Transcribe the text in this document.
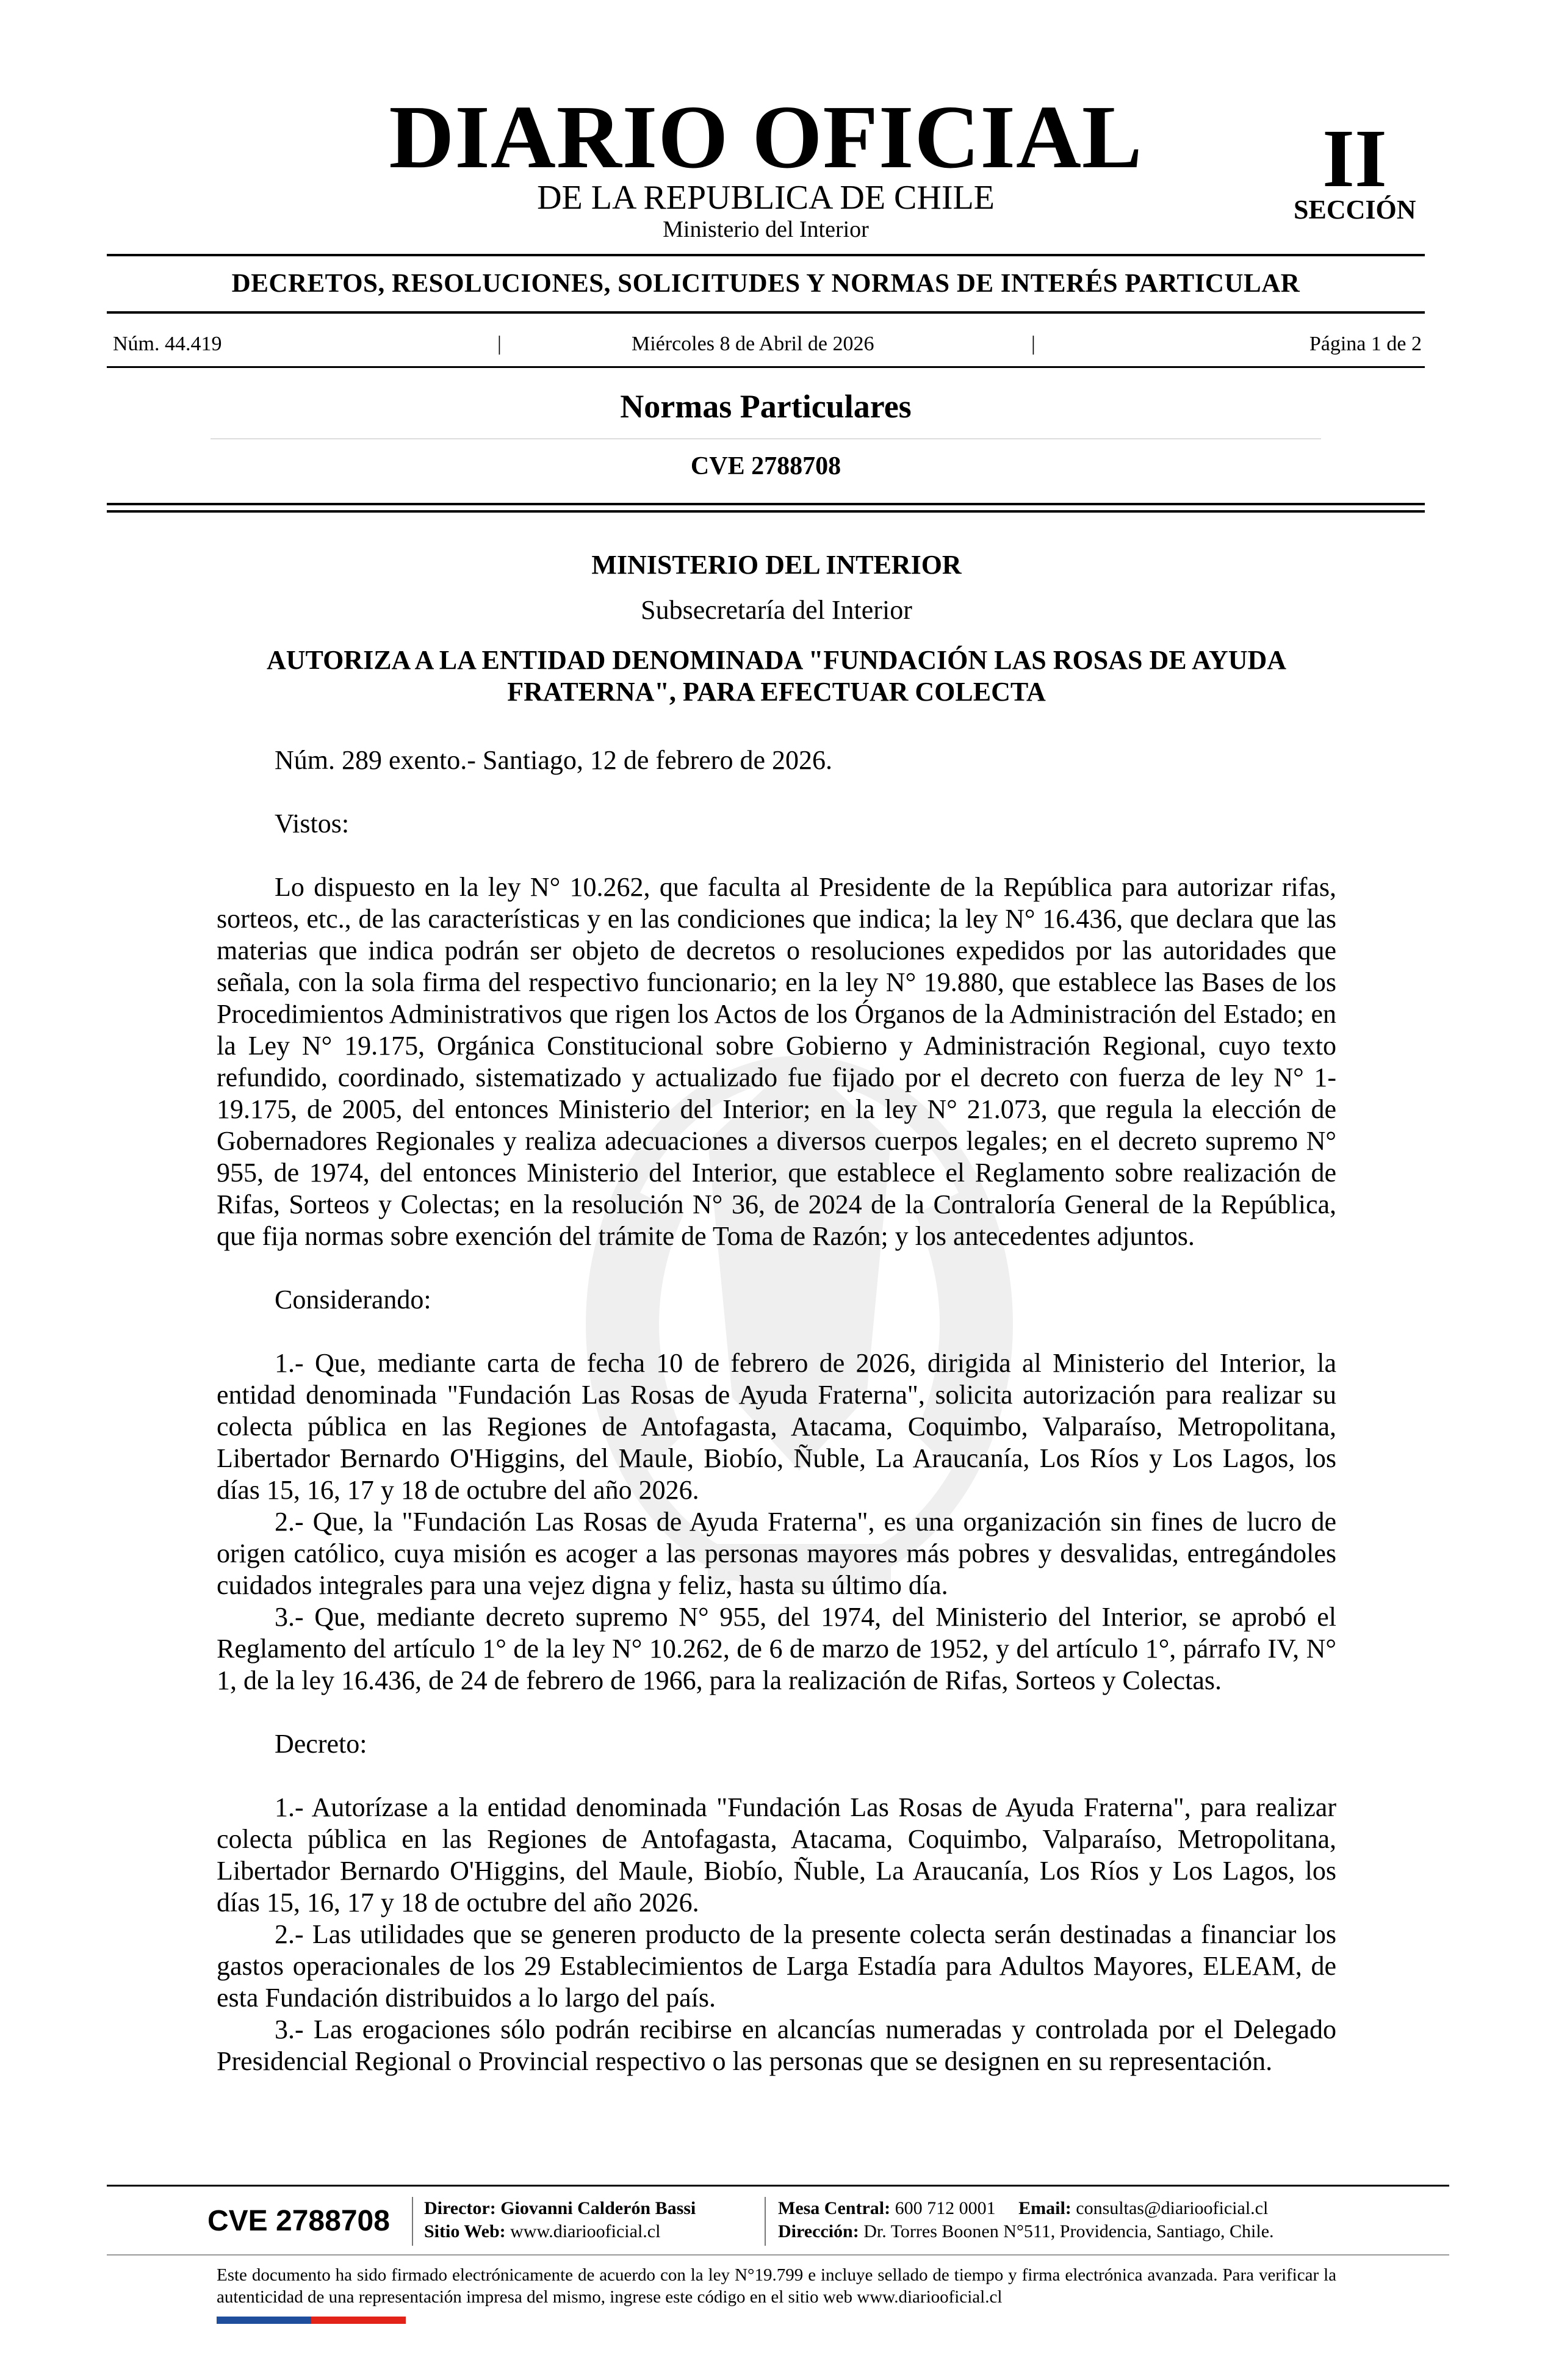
DIARIO OFICIAL
DE LA REPUBLICA DE CHILE
Ministerio del Interior
II
SECCIÓN
DECRETOS, RESOLUCIONES, SOLICITUDES Y NORMAS DE INTERÉS PARTICULAR
Núm. 44.419	|	Miércoles 8 de Abril de 2026	|	Página 1 de 2
Normas Particulares
CVE 2788708
MINISTERIO DEL INTERIOR
Subsecretaría del Interior
AUTORIZA A LA ENTIDAD DENOMINADA "FUNDACIÓN LAS ROSAS DE AYUDA FRATERNA", PARA EFECTUAR COLECTA

Núm. 289 exento.- Santiago, 12 de febrero de 2026.

Vistos:

Lo dispuesto en la ley N° 10.262, que faculta al Presidente de la República para autorizar rifas, sorteos, etc., de las características y en las condiciones que indica; la ley N° 16.436, que declara que las materias que indica podrán ser objeto de decretos o resoluciones expedidos por las autoridades que señala, con la sola firma del respectivo funcionario; en la ley N° 19.880, que establece las Bases de los Procedimientos Administrativos que rigen los Actos de los Órganos de la Administración del Estado; en la Ley N° 19.175, Orgánica Constitucional sobre Gobierno y Administración Regional, cuyo texto refundido, coordinado, sistematizado y actualizado fue fijado por el decreto con fuerza de ley N° 1-19.175, de 2005, del entonces Ministerio del Interior; en la ley N° 21.073, que regula la elección de Gobernadores Regionales y realiza adecuaciones a diversos cuerpos legales; en el decreto supremo N° 955, de 1974, del entonces Ministerio del Interior, que establece el Reglamento sobre realización de Rifas, Sorteos y Colectas; en la resolución N° 36, de 2024 de la Contraloría General de la República, que fija normas sobre exención del trámite de Toma de Razón; y los antecedentes adjuntos.

Considerando:

1.- Que, mediante carta de fecha 10 de febrero de 2026, dirigida al Ministerio del Interior, la entidad denominada "Fundación Las Rosas de Ayuda Fraterna", solicita autorización para realizar su colecta pública en las Regiones de Antofagasta, Atacama, Coquimbo, Valparaíso, Metropolitana, Libertador Bernardo O'Higgins, del Maule, Biobío, Ñuble, La Araucanía, Los Ríos y Los Lagos, los días 15, 16, 17 y 18 de octubre del año 2026.

2.- Que, la "Fundación Las Rosas de Ayuda Fraterna", es una organización sin fines de lucro de origen católico, cuya misión es acoger a las personas mayores más pobres y desvalidas, entregándoles cuidados integrales para una vejez digna y feliz, hasta su último día.

3.- Que, mediante decreto supremo N° 955, del 1974, del Ministerio del Interior, se aprobó el Reglamento del artículo 1° de la ley N° 10.262, de 6 de marzo de 1952, y del artículo 1°, párrafo IV, N° 1, de la ley 16.436, de 24 de febrero de 1966, para la realización de Rifas, Sorteos y Colectas.

Decreto:

1.- Autorízase a la entidad denominada "Fundación Las Rosas de Ayuda Fraterna", para realizar colecta pública en las Regiones de Antofagasta, Atacama, Coquimbo, Valparaíso, Metropolitana, Libertador Bernardo O'Higgins, del Maule, Biobío, Ñuble, La Araucanía, Los Ríos y Los Lagos, los días 15, 16, 17 y 18 de octubre del año 2026.

2.- Las utilidades que se generen producto de la presente colecta serán destinadas a financiar los gastos operacionales de los 29 Establecimientos de Larga Estadía para Adultos Mayores, ELEAM, de esta Fundación distribuidos a lo largo del país.

3.- Las erogaciones sólo podrán recibirse en alcancías numeradas y controlada por el Delegado Presidencial Regional o Provincial respectivo o las personas que se designen en su representación.

CVE 2788708 Director: Giovanni Calderón Bassi
Sitio Web: www.diariooficial.cl
Mesa Central: 600 712 0001 Email: consultas@diariooficial.cl
Dirección: Dr. Torres Boonen N°511, Providencia, Santiago, Chile.
Este documento ha sido firmado electrónicamente de acuerdo con la ley N°19.799 e incluye sellado de tiempo y firma electrónica avanzada. Para verificar la autenticidad de una representación impresa del mismo, ingrese este código en el sitio web www.diariooficial.cl
